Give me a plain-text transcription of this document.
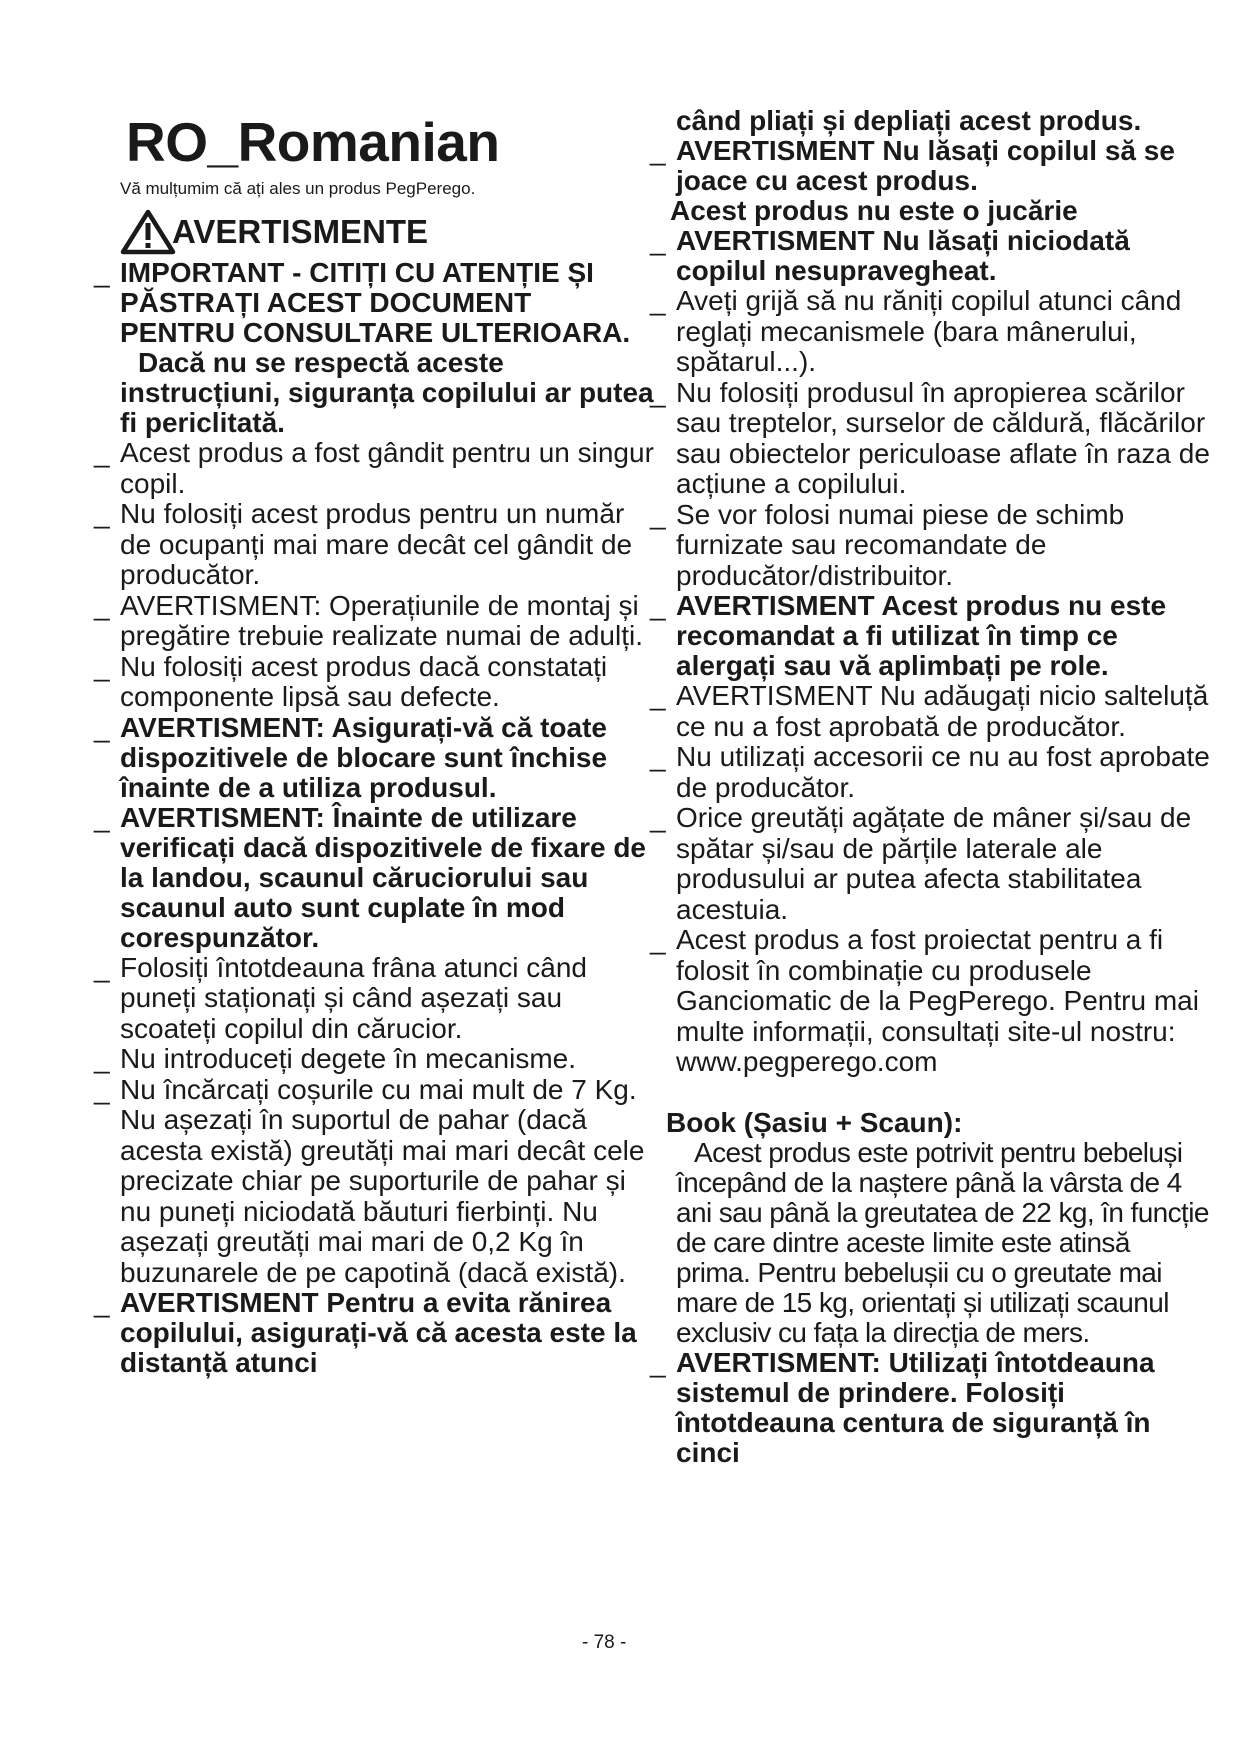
RO_Romanian

Vă mulțumim că ați ales un produs PegPerego.

AVERTISMENTE

_ IMPORTANT - CITIȚI CU ATENȚIE ȘI PĂSTRAȚI ACEST DOCUMENT PENTRU CONSULTARE ULTERIOARA.

Dacă nu se respectă aceste instrucțiuni, siguranța copilului ar putea fi periclitată.

_ Acest produs a fost gândit pentru un singur copil.

_ Nu folosiți acest produs pentru un număr de ocupanți mai mare decât cel gândit de producător.

_ AVERTISMENT: Operațiunile de montaj și pregătire trebuie realizate numai de adulți.

_ Nu folosiți acest produs dacă constatați componente lipsă sau defecte.

_ AVERTISMENT: Asigurați-vă că toate dispozitivele de blocare sunt închise înainte de a utiliza produsul.

_ AVERTISMENT: Înainte de utilizare verificați dacă dispozitivele de fixare de la landou, scaunul căruciorului sau scaunul auto sunt cuplate în mod corespunzător.

_ Folosiți întotdeauna frâna atunci când puneți staționați și când așezați sau scoateți copilul din cărucior.

_ Nu introduceți degete în mecanisme.

_ Nu încărcați coșurile cu mai mult de 7 Kg. Nu așezați în suportul de pahar (dacă acesta există) greutăți mai mari decât cele precizate chiar pe suporturile de pahar și nu puneți niciodată băuturi fierbinți. Nu așezați greutăți mai mari de 0,2 Kg în buzunarele de pe capotină (dacă există).

_ AVERTISMENT Pentru a evita rănirea copilului, asigurați-vă că acesta este la distanță atunci

când pliați și depliați acest produs.

_ AVERTISMENT Nu lăsați copilul să se joace cu acest produs.

Acest produs nu este o jucărie

_ AVERTISMENT Nu lăsați niciodată copilul nesupravegheat.

_ Aveți grijă să nu răniți copilul atunci când reglați mecanismele (bara mânerului, spătarul...).

_ Nu folosiți produsul în apropierea scărilor sau treptelor, surselor de căldură, flăcărilor sau obiectelor periculoase aflate în raza de acțiune a copilului.

_ Se vor folosi numai piese de schimb furnizate sau recomandate de producător/distribuitor.

_ AVERTISMENT Acest produs nu este recomandat a fi utilizat în timp ce alergați sau vă aplimbați pe role.

_ AVERTISMENT Nu adăugați nicio salteluță ce nu a fost aprobată de producător.

_ Nu utilizați accesorii ce nu au fost aprobate de producător.

_ Orice greutăți agățate de mâner și/sau de spătar și/sau de părțile laterale ale produsului ar putea afecta stabilitatea acestuia.

_ Acest produs a fost proiectat pentru a fi folosit în combinație cu produsele Ganciomatic de la PegPerego. Pentru mai multe informații, consultați site-ul nostru: www.pegperego.com

Book (Șasiu + Scaun):
Acest produs este potrivit pentru bebeluși începând de la naștere până la vârsta de 4 ani sau până la greutatea de 22 kg, în funcție de care dintre aceste limite este atinsă prima. Pentru bebelușii cu o greutate mai mare de 15 kg, orientați și utilizați scaunul exclusiv cu fața la direcția de mers.

_ AVERTISMENT: Utilizați întotdeauna sistemul de prindere. Folosiți întotdeauna centura de siguranță în cinci

- 78 -
